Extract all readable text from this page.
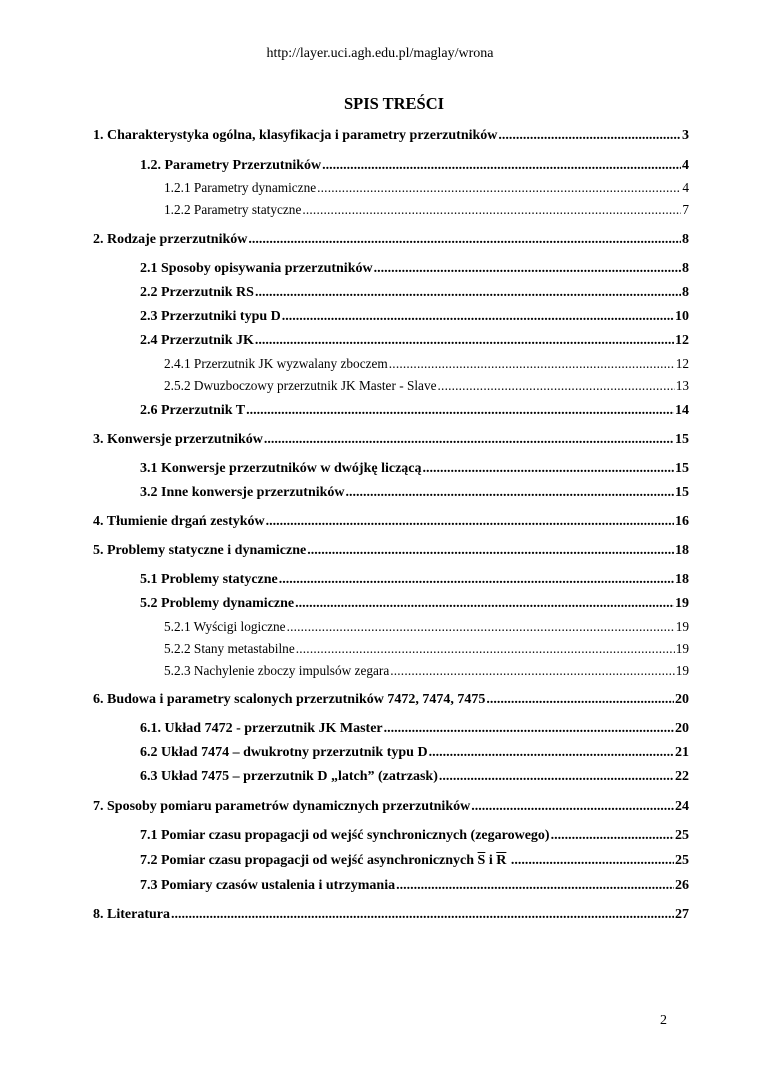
http://layer.uci.agh.edu.pl/maglay/wrona
SPIS TREŚCI
1. Charakterystyka ogólna, klasyfikacja i parametry przerzutników .....	3
1.2. Parametry Przerzutników .....	4
1.2.1 Parametry dynamiczne .....	4
1.2.2 Parametry statyczne .....	7
2. Rodzaje przerzutników .....	8
2.1 Sposoby opisywania przerzutników .....	8
2.2 Przerzutnik RS .....	8
2.3 Przerzutniki typu D .....	10
2.4 Przerzutnik JK .....	12
2.4.1 Przerzutnik JK wyzwalany zboczem .....	12
2.5.2 Dwuzboczowy przerzutnik JK Master - Slave .....	13
2.6 Przerzutnik T .....	14
3. Konwersje przerzutników .....	15
3.1 Konwersje przerzutników w dwójkę liczącą .....	15
3.2 Inne konwersje przerzutników .....	15
4. Tłumienie drgań zestyków .....	16
5. Problemy statyczne i dynamiczne .....	18
5.1 Problemy statyczne .....	18
5.2 Problemy dynamiczne .....	19
5.2.1 Wyścigi logiczne .....	19
5.2.2 Stany metastabilne .....	19
5.2.3 Nachylenie zboczy impulsów zegara .....	19
6. Budowa i parametry scalonych przerzutników 7472, 7474, 7475 .....	20
6.1. Układ 7472 - przerzutnik JK Master .....	20
6.2 Układ 7474 – dwukrotny przerzutnik typu D .....	21
6.3 Układ 7475 – przerzutnik D „latch” (zatrzask) .....	22
7. Sposoby pomiaru parametrów dynamicznych przerzutników .....	24
7.1 Pomiar czasu propagacji od wejść synchronicznych (zegarowego) .....	25
7.2 Pomiar czasu propagacji od wejść asynchronicznych $\overline{S}$ i $\overline{R}$ .....	25
7.3 Pomiary czasów ustalenia i utrzymania .....	26
8. Literatura .....	27
2
